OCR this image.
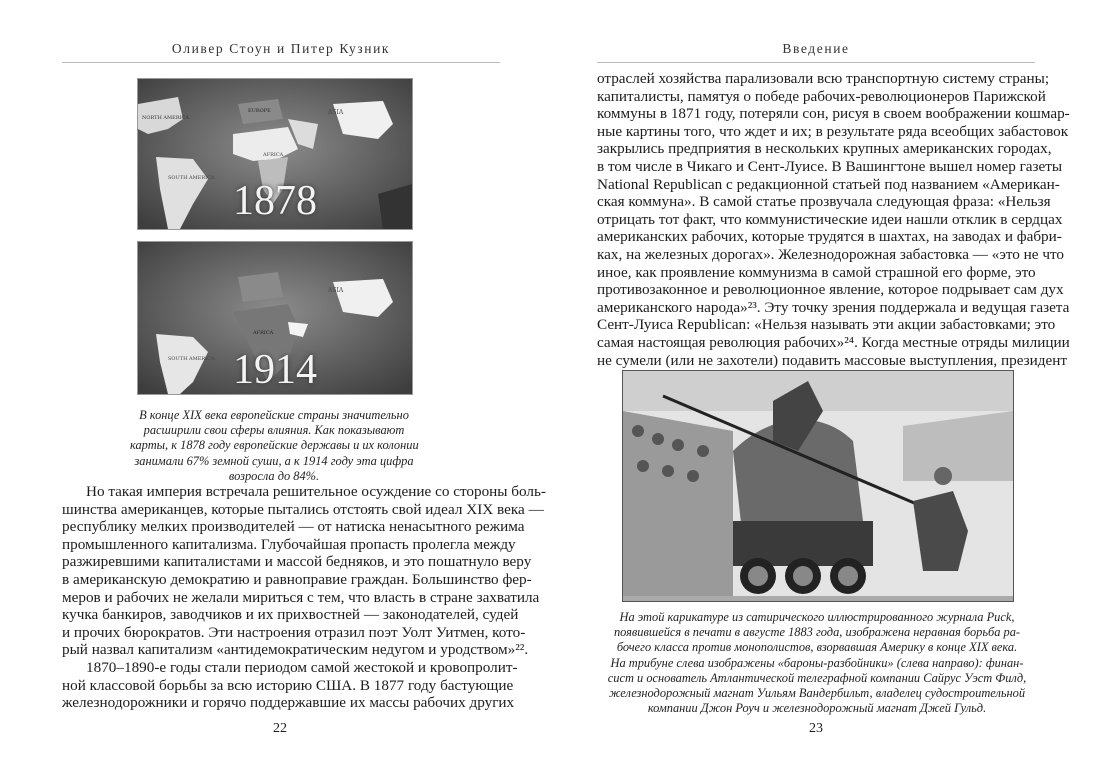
Оливер Стоун и Питер Кузник
NORTH AMERICA
SOUTH AMERICA
ASIA
EUROPE
AFRICA
1878
SOUTH AMERICA
ASIA
AFRICA
1914
В конце XIX века европейские страны значительно
расширили свои сферы влияния. Как показывают
карты, к 1878 году европейские державы и их колонии
занимали 67% земной суши, а к 1914 году эта цифра
возросла до 84%.
Но такая империя встречала решительное осуждение со стороны боль-
шинства американцев, которые пытались отстоять свой идеал XIX века —
республику мелких производителей — от натиска ненасытного режима
промышленного капитализма. Глубочайшая пропасть пролегла между
разжиревшими капиталистами и массой бедняков, и это пошатнуло веру
в американскую демократию и равноправие граждан. Большинство фер-
меров и рабочих не желали мириться с тем, что власть в стране захватила
кучка банкиров, заводчиков и их прихвостней — законодателей, судей
и прочих бюрократов. Эти настроения отразил поэт Уолт Уитмен, кото-
рый назвал капитализм «антидемократическим недугом и уродством»²².
1870–1890-е годы стали периодом самой жестокой и кровопролит-
ной классовой борьбы за всю историю США. В 1877 году бастующие
железнодорожники и горячо поддержавшие их массы рабочих других
22
Введение
отраслей хозяйства парализовали всю транспортную систему страны;
капиталисты, памятуя о победе рабочих-революционеров Парижской
коммуны в 1871 году, потеряли сон, рисуя в своем воображении кошмар-
ные картины того, что ждет и их; в результате ряда всеобщих забастовок
закрылись предприятия в нескольких крупных американских городах,
в том числе в Чикаго и Сент-Луисе. В Вашингтоне вышел номер газеты
National Republican с редакционной статьей под названием «Американ-
ская коммуна». В самой статье прозвучала следующая фраза: «Нельзя
отрицать тот факт, что коммунистические идеи нашли отклик в сердцах
американских рабочих, которые трудятся в шахтах, на заводах и фабри-
ках, на железных дорогах». Железнодорожная забастовка — «это не что
иное, как проявление коммунизма в самой страшной его форме, это
противозаконное и революционное явление, которое подрывает сам дух
американского народа»²³. Эту точку зрения поддержала и ведущая газета
Сент-Луиса Republican: «Нельзя называть эти акции забастовками; это
самая настоящая революция рабочих»²⁴. Когда местные отряды милиции
не сумели (или не захотели) подавить массовые выступления, президент
На этой карикатуре из сатирического иллюстрированного журнала Puck,
появившейся в печати в августе 1883 года, изображена неравная борьба ра-
бочего класса против монополистов, взорвавшая Америку в конце XIX века.
На трибуне слева изображены «бароны-разбойники» (слева направо): финан-
сист и основатель Атлантической телеграфной компании Сайрус Уэст Филд,
железнодорожный магнат Уильям Вандербильт, владелец судостроительной
компании Джон Роуч и железнодорожный магнат Джей Гульд.
23
